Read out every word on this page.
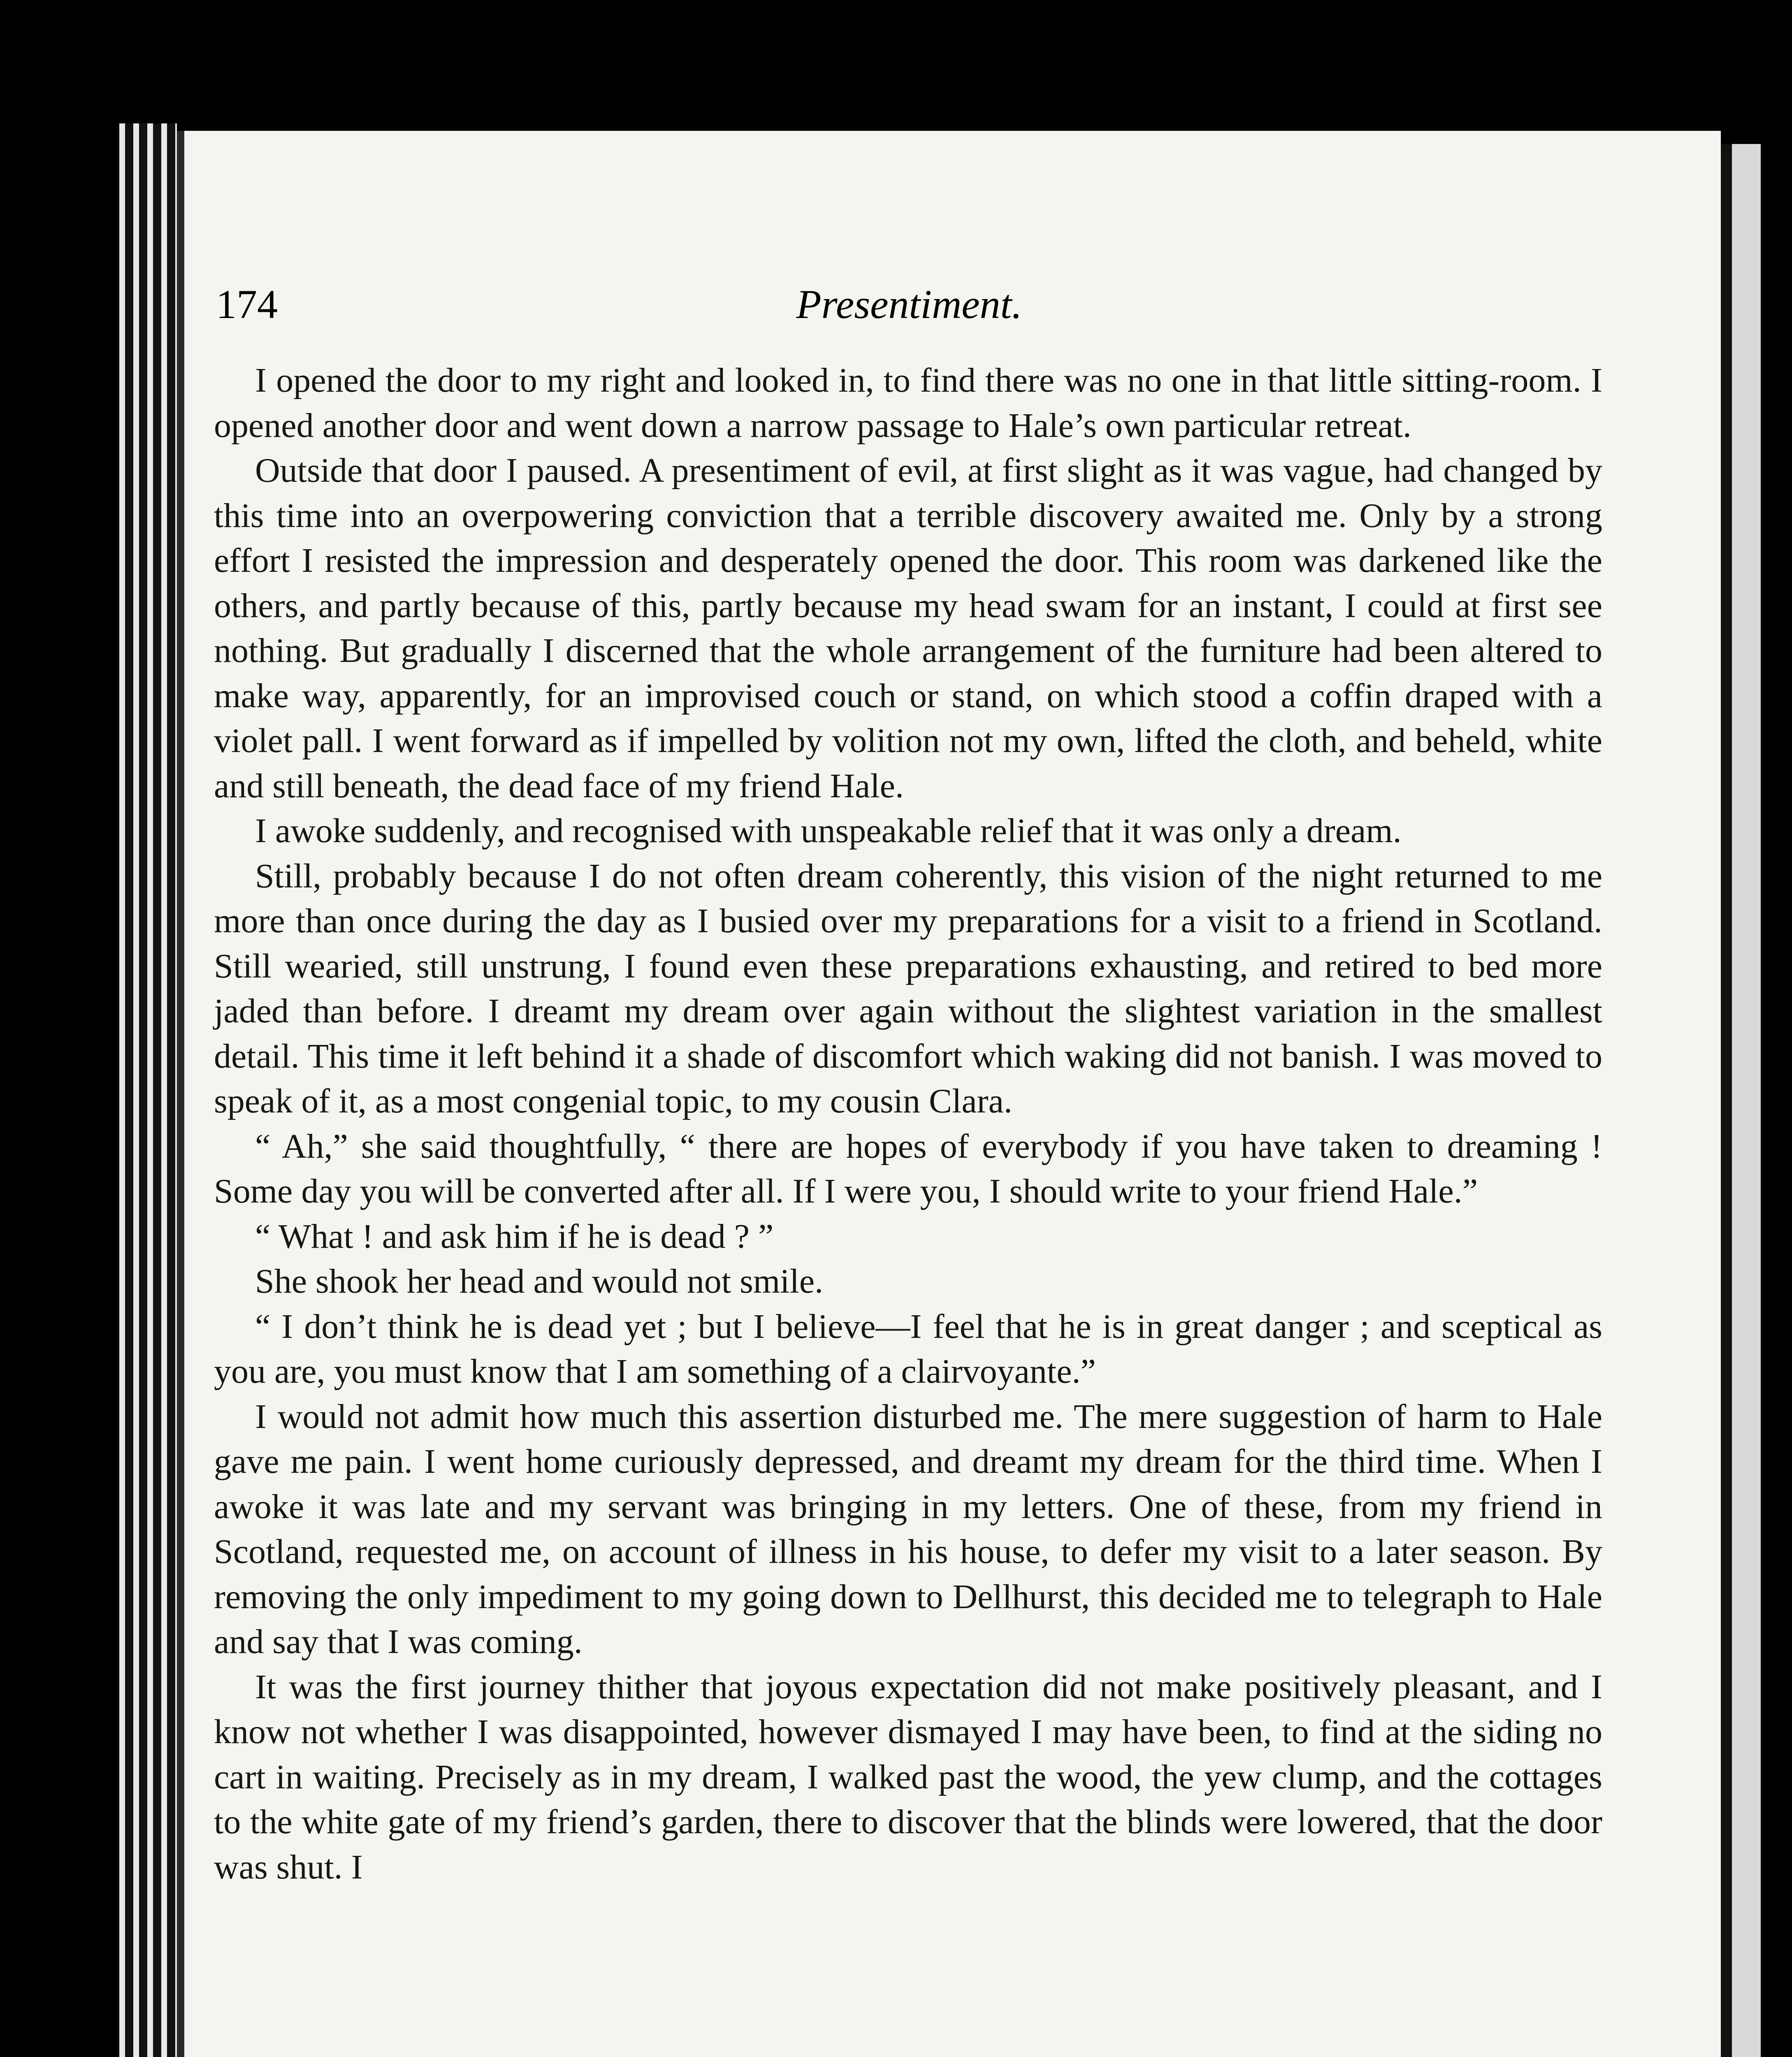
174	Presentiment.

I opened the door to my right and looked in, to find there was no one in that little sitting-room. I opened another door and went down a narrow passage to Hale’s own particular retreat.

Outside that door I paused. A presentiment of evil, at first slight as it was vague, had changed by this time into an overpowering conviction that a terrible discovery awaited me. Only by a strong effort I resisted the impression and desperately opened the door. This room was darkened like the others, and partly because of this, partly because my head swam for an instant, I could at first see nothing. But gradually I discerned that the whole arrangement of the furniture had been altered to make way, apparently, for an improvised couch or stand, on which stood a coffin draped with a violet pall. I went forward as if impelled by volition not my own, lifted the cloth, and beheld, white and still beneath, the dead face of my friend Hale.

I awoke suddenly, and recognised with unspeakable relief that it was only a dream.

Still, probably because I do not often dream coherently, this vision of the night returned to me more than once during the day as I busied over my preparations for a visit to a friend in Scotland. Still wearied, still unstrung, I found even these preparations exhausting, and retired to bed more jaded than before. I dreamt my dream over again without the slightest variation in the smallest detail. This time it left behind it a shade of discomfort which waking did not banish. I was moved to speak of it, as a most congenial topic, to my cousin Clara.

“ Ah,” she said thoughtfully, “ there are hopes of everybody if you have taken to dreaming ! Some day you will be converted after all. If I were you, I should write to your friend Hale.”

“ What ! and ask him if he is dead ? ”

She shook her head and would not smile.

“ I don’t think he is dead yet ; but I believe—I feel that he is in great danger ; and sceptical as you are, you must know that I am something of a clairvoyante.”

I would not admit how much this assertion disturbed me. The mere suggestion of harm to Hale gave me pain. I went home curiously depressed, and dreamt my dream for the third time. When I awoke it was late and my servant was bringing in my letters. One of these, from my friend in Scotland, requested me, on account of illness in his house, to defer my visit to a later season. By removing the only impediment to my going down to Dellhurst, this decided me to telegraph to Hale and say that I was coming.

It was the first journey thither that joyous expectation did not make positively pleasant, and I know not whether I was disappointed, however dismayed I may have been, to find at the siding no cart in waiting. Precisely as in my dream, I walked past the wood, the yew clump, and the cottages to the white gate of my friend’s garden, there to discover that the blinds were lowered, that the door was shut. I
